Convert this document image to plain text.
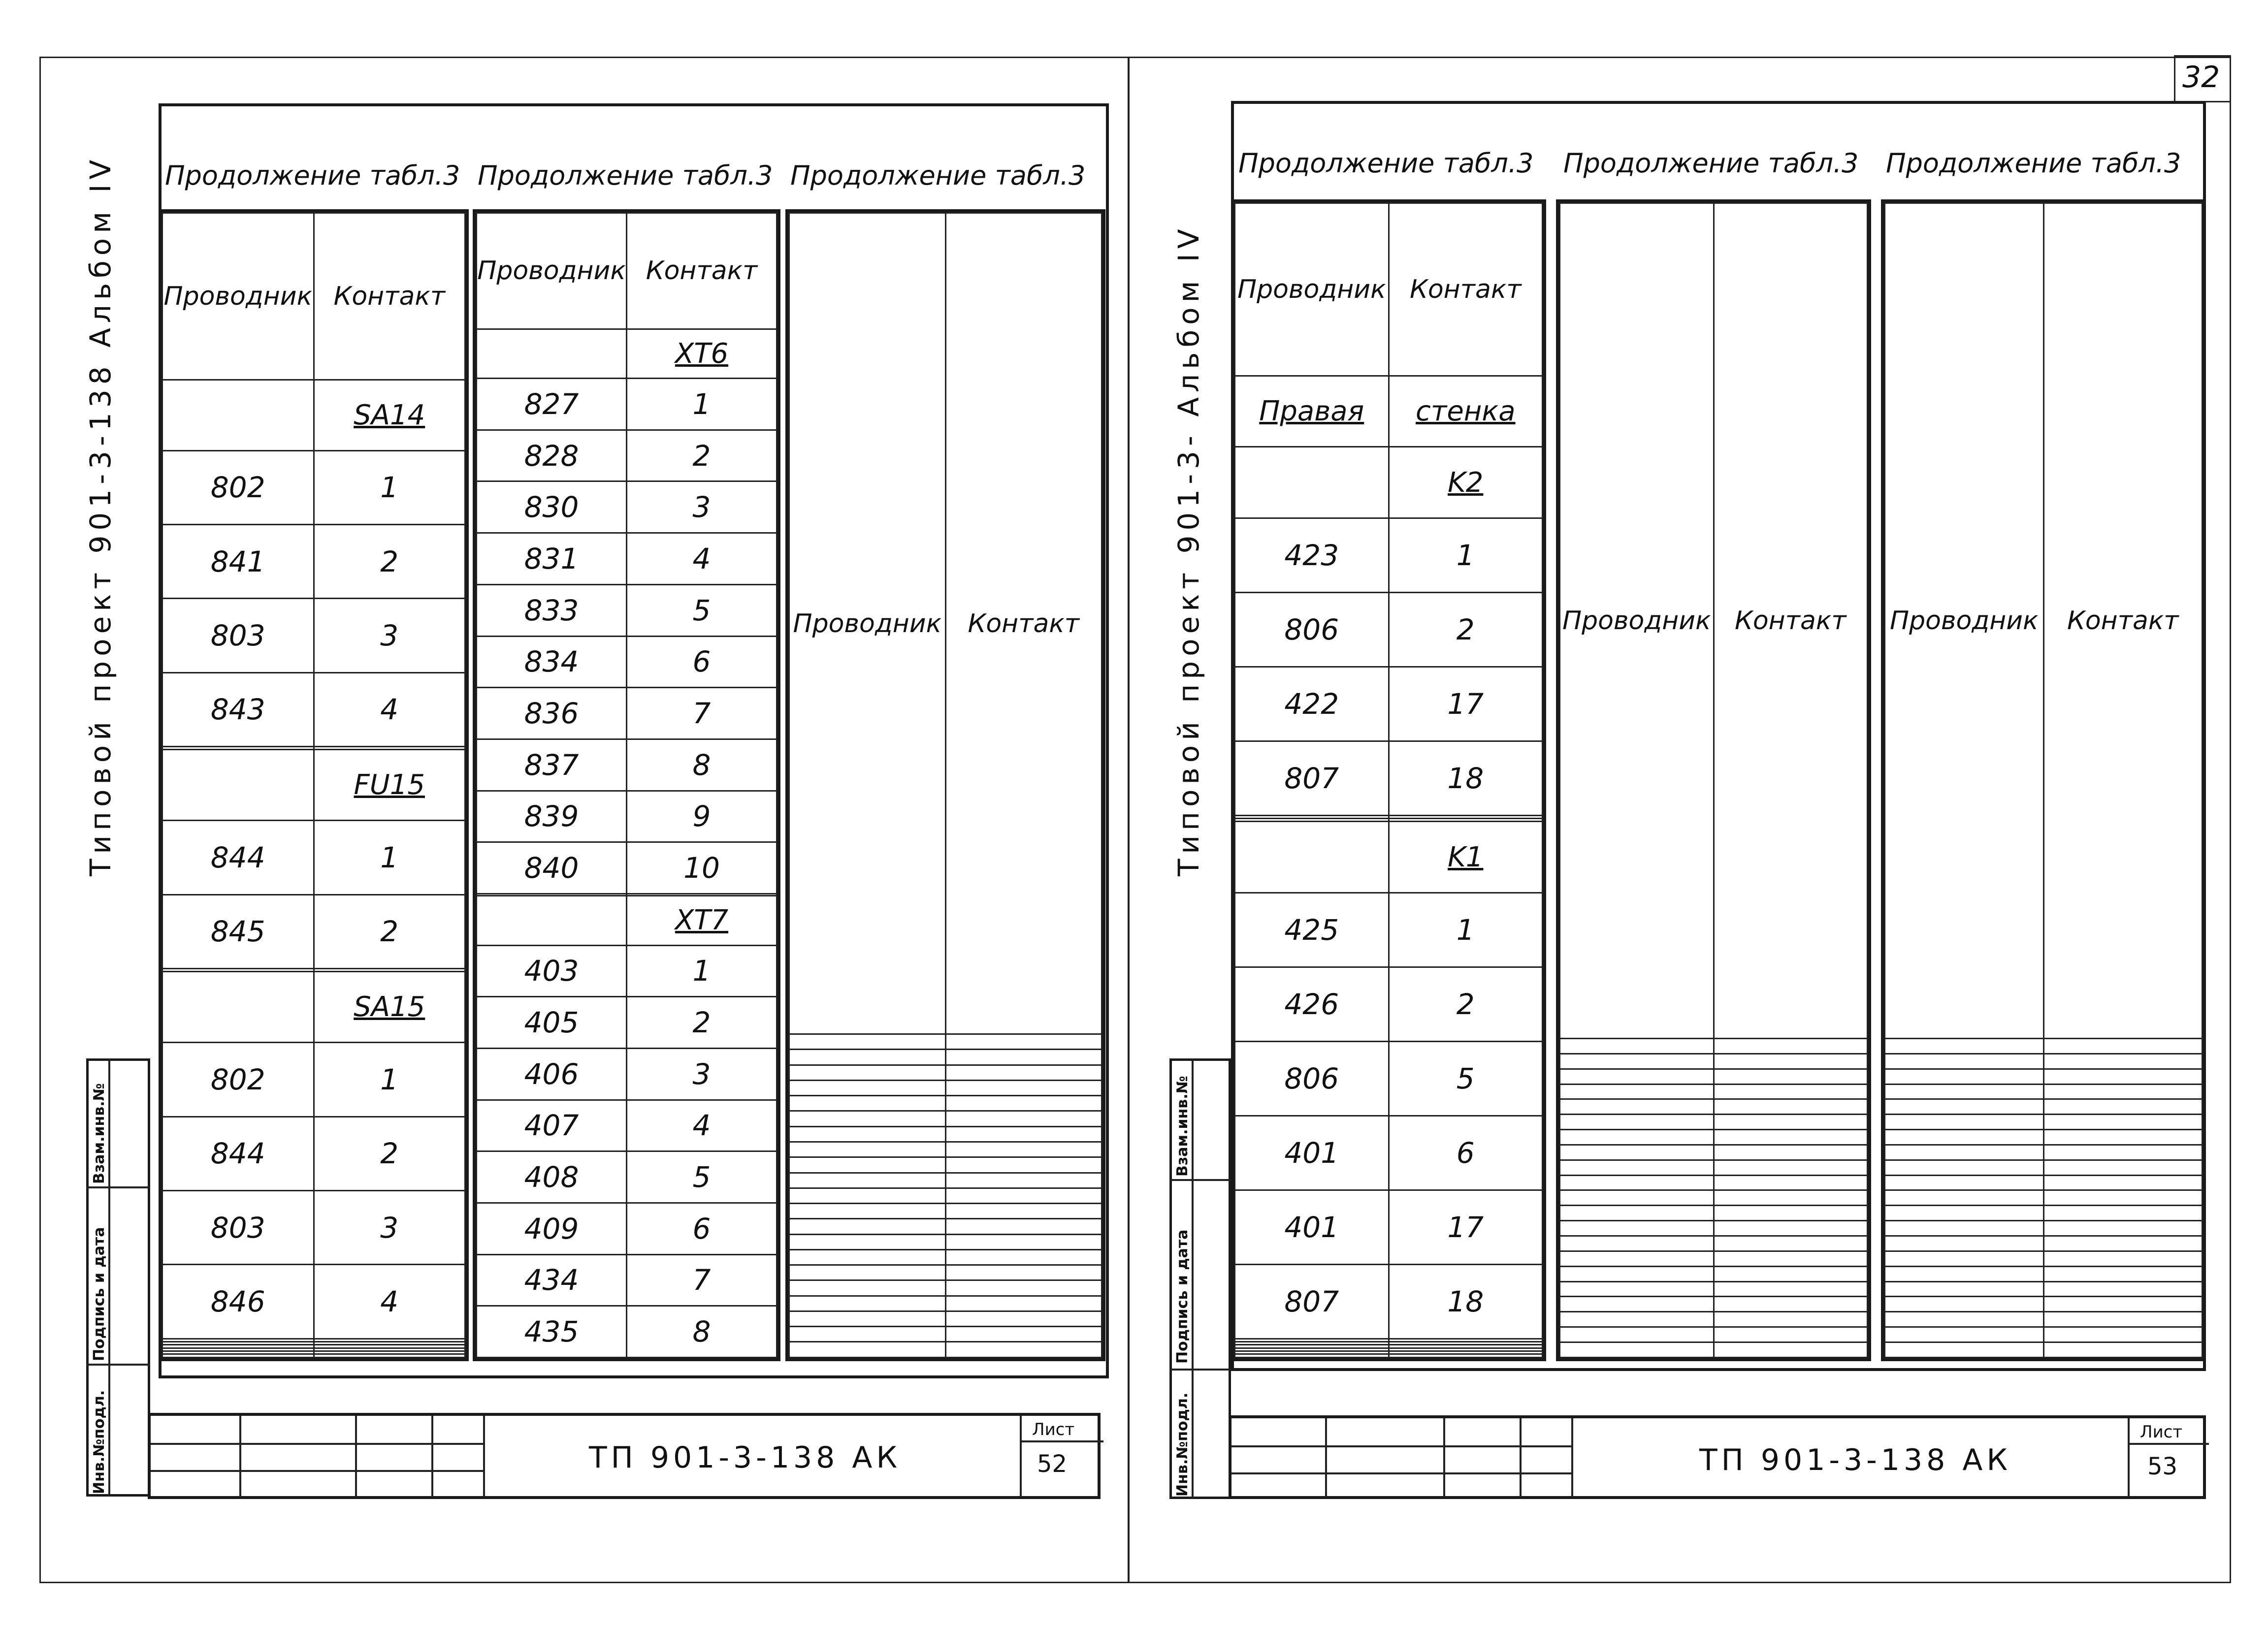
32
Типовой проект 901-3-138 Альбом IV Продолжение табл.3 Продолжение табл.3 Продолжение табл.3
Проводник	Контакт
	SA14
802	1
841	2
803	3
843	4

	FU15
844	1
845	2

	SA15
802	1
844	2
803	3
846	4

Проводник	Контакт
	XT6
827	1
828	2
830	3
831	4
833	5
834	6
836	7
837	8
839	9
840	10

	XT7
403	1
405	2
406	3
407	4
408	5
409	6
434	7
435	8
Проводник	Контакт

Инв.№подл.
Подпись и дата
Взам.инв.№
ТП 901-3-138 АК
Лист
52
Типовой проект 901-3- Альбом IV
Продолжение табл.3 Продолжение табл.3 Продолжение табл.3
Проводник	Контакт
Правая	стенка
	K2
423	1
806	2
422	17
807	18

	K1
425	1
426	2
806	5
401	6
401	17
807	18

Проводник	Контакт

	Проводник	Контакт

Инв.№подл.
Подпись и дата
Взам.инв.№
ТП 901-3-138 АК
Лист
53
